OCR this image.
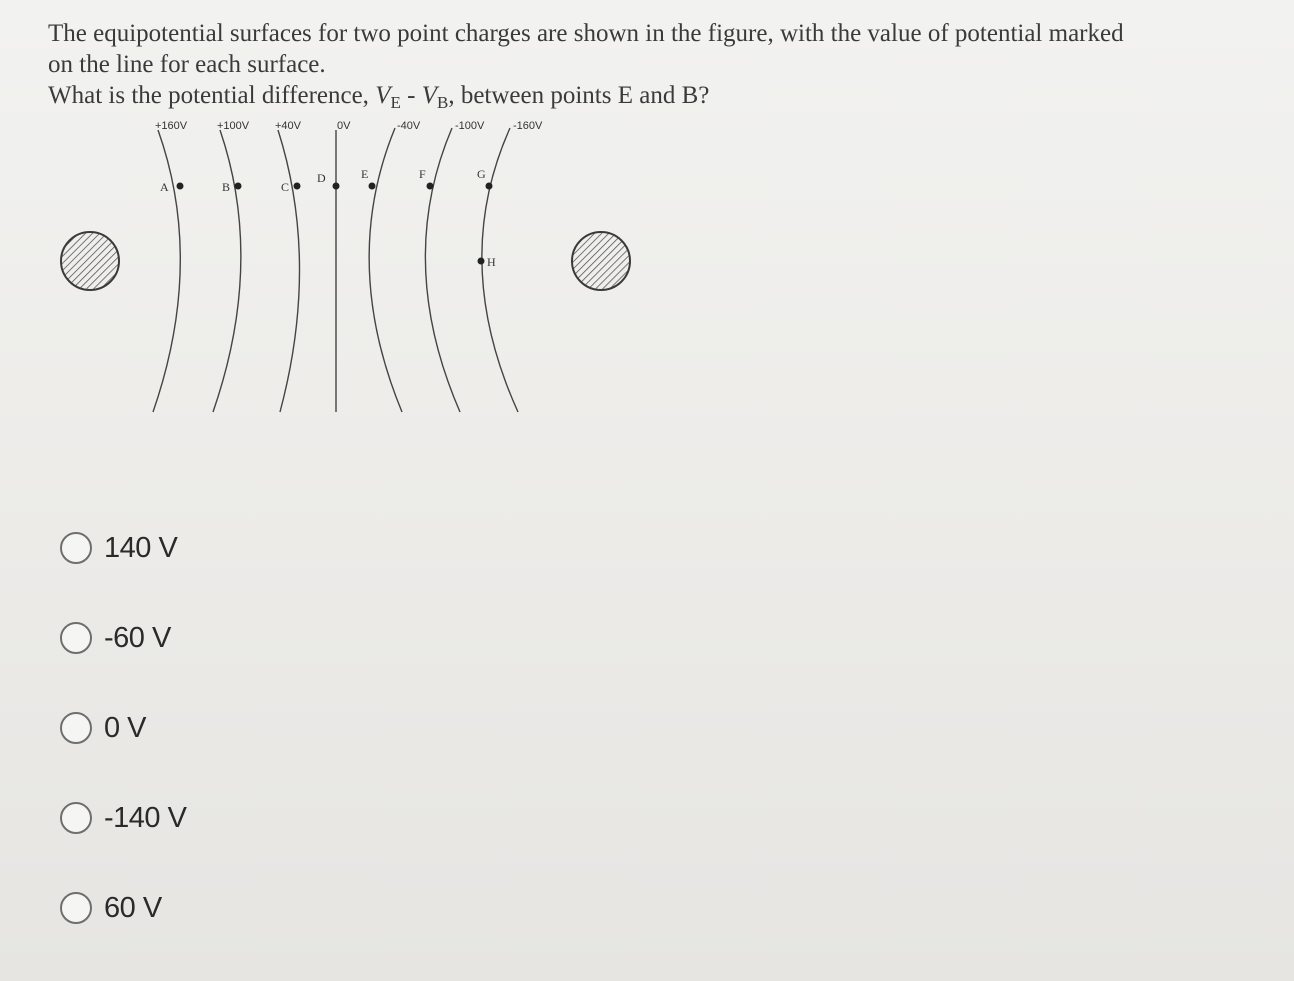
The equipotential surfaces for two point charges are shown in the figure, with the value of potential marked

on the line for each surface.

What is the potential difference, $V_E - V_B$, between points E and B?

+160V	+100V +40V	0V	-40V	-100V	-160V
A	B	C
D	E	F	G
H
140 V
-60 V
0 V
-140 V
60 V
